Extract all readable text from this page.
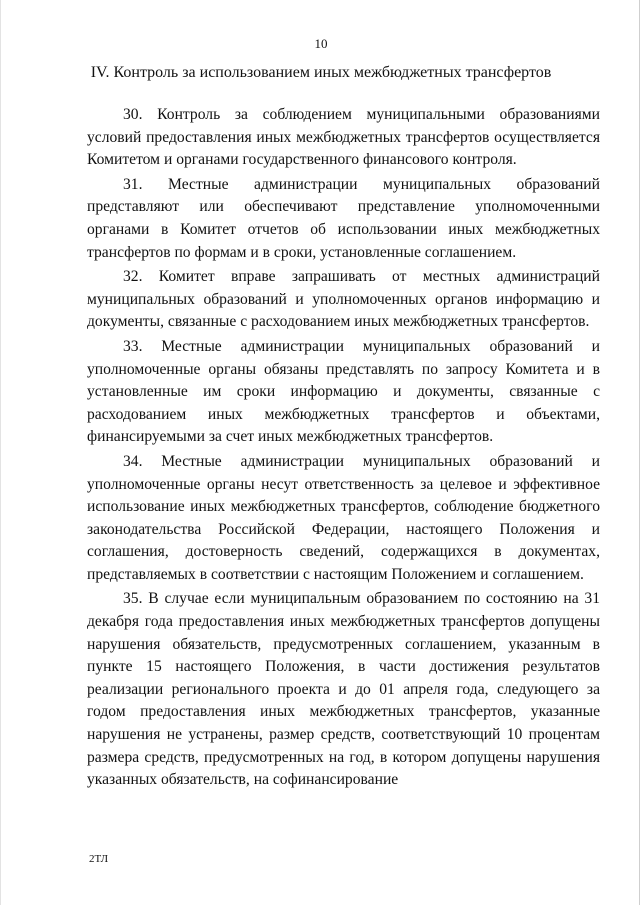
10
IV. Контроль за использованием иных межбюджетных трансфертов

30. Контроль за соблюдением муниципальными образованиями условий предоставления иных межбюджетных трансфертов осуществляется Комитетом и органами государственного финансового контроля.

31. Местные администрации муниципальных образований представляют или обеспечивают представление уполномоченными органами в Комитет отчетов об использовании иных межбюджетных трансфертов по формам и в сроки, установленные соглашением.

32. Комитет вправе запрашивать от местных администраций муниципальных образований и уполномоченных органов информацию и документы, связанные с расходованием иных межбюджетных трансфертов.

33. Местные администрации муниципальных образований и уполномоченные органы обязаны представлять по запросу Комитета и в установленные им сроки информацию и документы, связанные с расходованием иных межбюджетных трансфертов и объектами, финансируемыми за счет иных межбюджетных трансфертов.

34. Местные администрации муниципальных образований и уполномоченные органы несут ответственность за целевое и эффективное использование иных межбюджетных трансфертов, соблюдение бюджетного законодательства Российской Федерации, настоящего Положения и соглашения, достоверность сведений, содержащихся в документах, представляемых в соответствии с настоящим Положением и соглашением.

35. В случае если муниципальным образованием по состоянию на 31 декабря года предоставления иных межбюджетных трансфертов допущены нарушения обязательств, предусмотренных соглашением, указанным в пункте 15 настоящего Положения, в части достижения результатов реализации регионального проекта и до 01 апреля года, следующего за годом предоставления иных межбюджетных трансфертов, указанные нарушения не устранены, размер средств, соответствующий 10 процентам размера средств, предусмотренных на год, в котором допущены нарушения указанных обязательств, на софинансирование

2ТЛ
